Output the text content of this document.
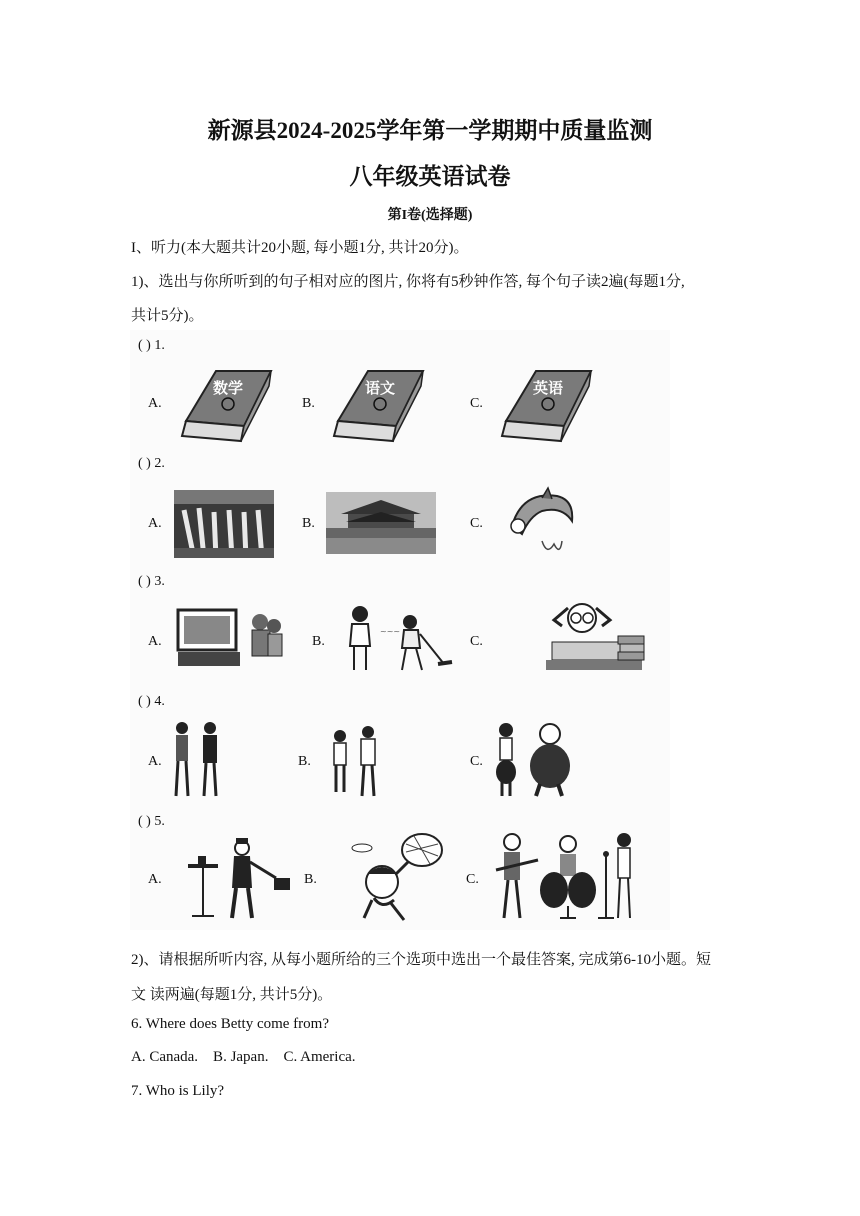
新源县2024-2025学年第一学期期中质量监测
八年级英语试卷
第I卷(选择题)
I、听力(本大题共计20小题, 每小题1分, 共计20分)。
1)、选出与你所听到的句子相对应的图片, 你将有5秒钟作答, 每个句子读2遍(每题1分,
共计5分)。
( ) 1.
A.	B.	C.
数学	语文	英语
( ) 2.
A.	B.	C.
( ) 3.
A.	B.	C.
~~~
( ) 4.
A.	B.	C.
( ) 5.
A.	B.	C.
2)、请根据所听内容, 从每小题所给的三个选项中选出一个最佳答案, 完成第6-10小题。短
文 读两遍(每题1分, 共计5分)。
6. Where does Betty come from?
A. Canada.    B. Japan.    C. America.
7. Who is Lily?
